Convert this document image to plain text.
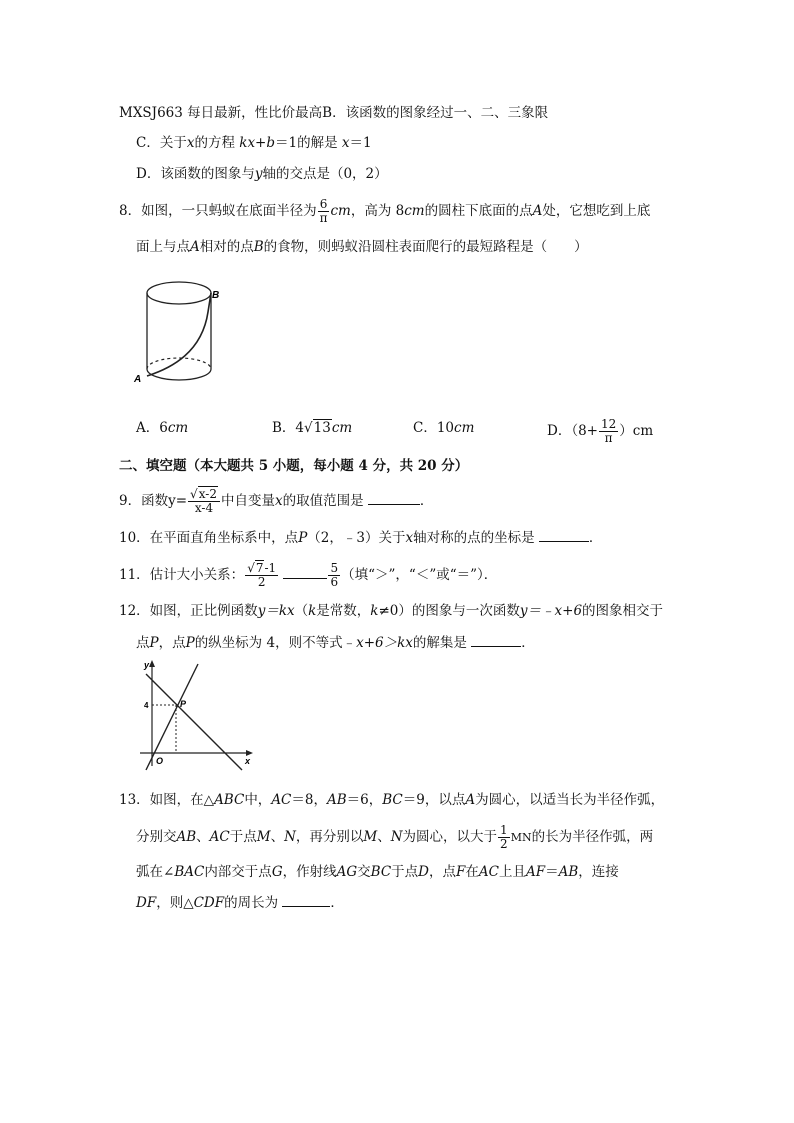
MXSJ663 每日最新，性比价最高B．该函数的图象经过一、二、三象限
C．关于x的方程 kx+b＝1的解是 x＝1
D．该函数的图象与y轴的交点是（0，2）
8．如图，一只蚂蚁在底面半径为 $\frac{6}{\pi}$ cm，高为 8cm的圆柱下底面的点A处，它想吃到上底
面上与点A相对的点B的食物，则蚂蚁沿圆柱表面爬行的最短路程是（　　）
A
B
A．6cm	B．4√13cm	C．10cm	D．$(8+ \frac{12}{\pi} )cm$
二、填空题（本大题共 5 小题，每小题 4 分，共 20 分）
9．函数$y= \frac{√x-2}{x-4}$ 中自变量x的取值范围是	．
10．在平面直角坐标系中，点P（2，﹣3）关于x轴对称的点的坐标是	．
11．估计大小关系： $\frac{√7-1}{2}$
	$\frac{5}{6}$ （填“＞”，“＜”或“＝”）．
12．如图，正比例函数y＝kx（k是常数，k≠0）的图象与一次函数y＝﹣x+6的图象相交于
点P，点P的纵坐标为 4，则不等式﹣x+6＞kx的解集是	．
y
x
O
P
4
13．如图，在△ABC中，AC＝8，AB＝6，BC＝9，以点A为圆心，以适当长为半径作弧，
分别交AB、AC于点M、N，再分别以M、N为圆心，以大于 $\frac{1}{2}$ MN的长为半径作弧，两
弧在∠BAC内部交于点G，作射线AG交BC于点D，点F在AC上且AF＝AB，连接
DF，则△CDF的周长为	．
